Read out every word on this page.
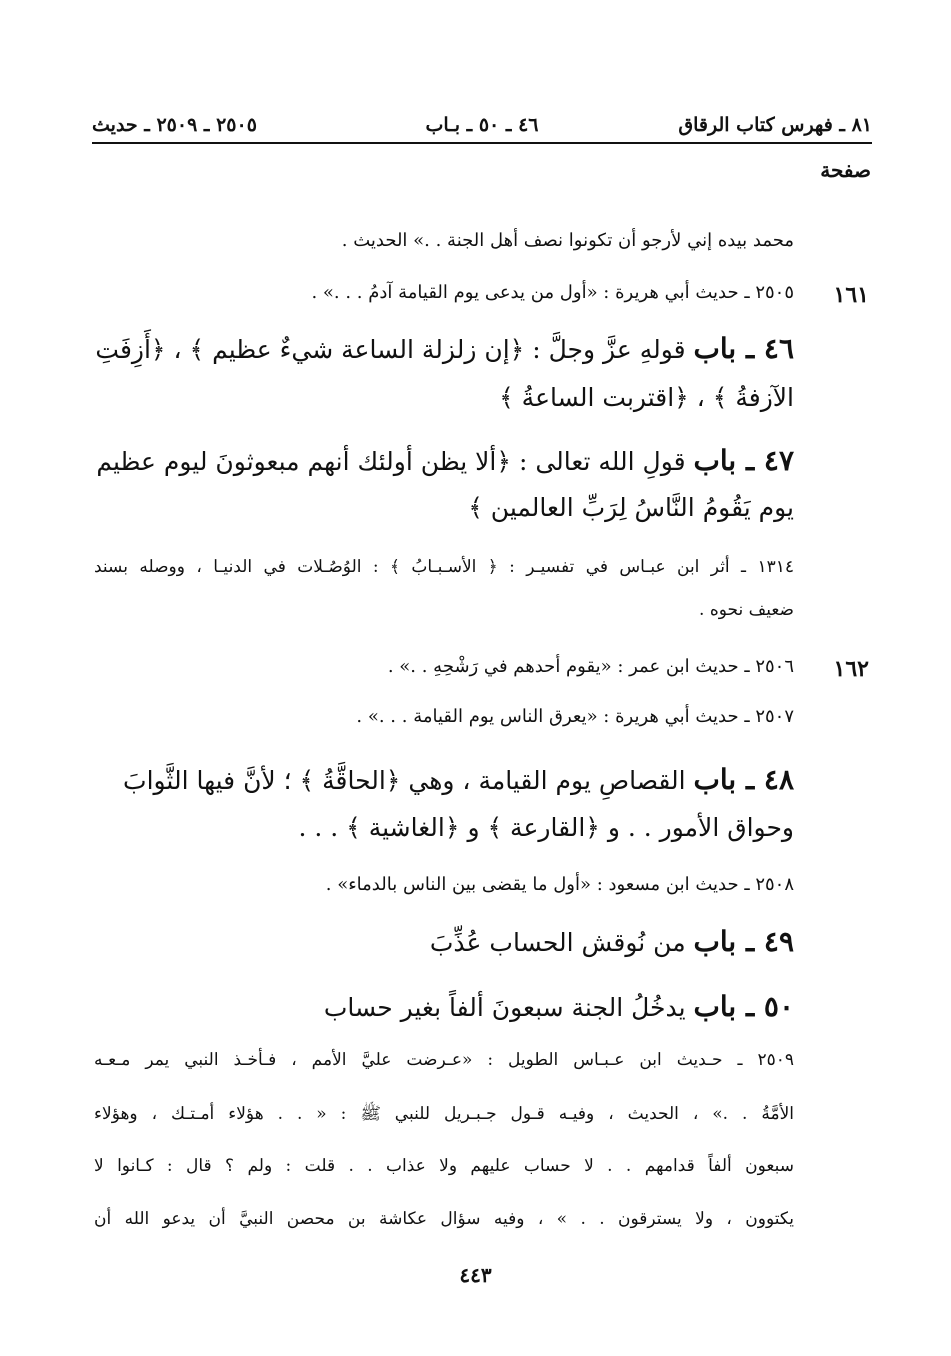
٨١ ـ فهرس كتاب الرقاق
٤٦ ـ ٥٠ ـ بـاب
٢٥٠٥ ـ ٢٥٠٩ ـ حديث
صفحة
محمد بيده إني لأرجو أن تكونوا نصف أهل الجنة . .» الحديث .
١٦١
٢٥٠٥ ـ حديث أبي هريرة : «أول من يدعى يوم القيامة آدمُ . . .» .
٤٦ ـ باب قولهِ عزَّ وجلَّ : ﴿إن زلزلة الساعة شيءٌ عظيم ﴾ ، ﴿أَزِفَتِ
الآزفةُ ﴾ ، ﴿اقتربت الساعةُ ﴾
٤٧ ـ باب قولِ الله تعالى : ﴿ألا يظن أولئك أنهم مبعوثونَ ليوم عظيم
يوم يَقُومُ النَّاسُ لِرَبِّ العالمين ﴾
١٣١٤ ـ أثر ابن عبـاس في تفسيـر : ﴿ الأسـبـابُ ﴾ : الوُصُـلات في الدنيـا ، ووصله بسند
ضعيف نحوه .
١٦٢
٢٥٠٦ ـ حديث ابن عمر : «يقوم أحدهم في رَشْحِهِ . .» .
٢٥٠٧ ـ حديث أبي هريرة : «يعرق الناس يوم القيامة . . .» .
٤٨ ـ باب القصاصِ يوم القيامة ، وهي ﴿الحاقَّةُ ﴾ ؛ لأنَّ فيها الثَّوابَ
وحواق الأمور . . و ﴿القارعة ﴾ و ﴿الغاشية ﴾ . . .
٢٥٠٨ ـ حديث ابن مسعود : «أول ما يقضى بين الناس بالدماء» .
٤٩ ـ باب من نُوقش الحساب عُذِّبَ
٥٠ ـ باب يدخُلُ الجنة سبعونَ ألفاً بغير حساب
٢٥٠٩ ـ حـديث ابن عـبـاس الطويل : «عـرضت عليَّ الأمم ، فـأخـذ النبي يمر مـعـه
الأمَّةُ . .» ، الحديث ، وفيـه قـول جـبـريل للنبي ﷺ : « . . هؤلاء أمـتـك ، وهؤلاء
سبعون ألفاً قدامهم . . لا حساب عليهم ولا عذاب . . قلت : ولم ؟ قال : كـانوا لا
يكتوون ، ولا يسترقون . . » ، وفيه سؤال عكاشة بن محصن النبيَّ أن يدعو الله أن
٤٤٣
